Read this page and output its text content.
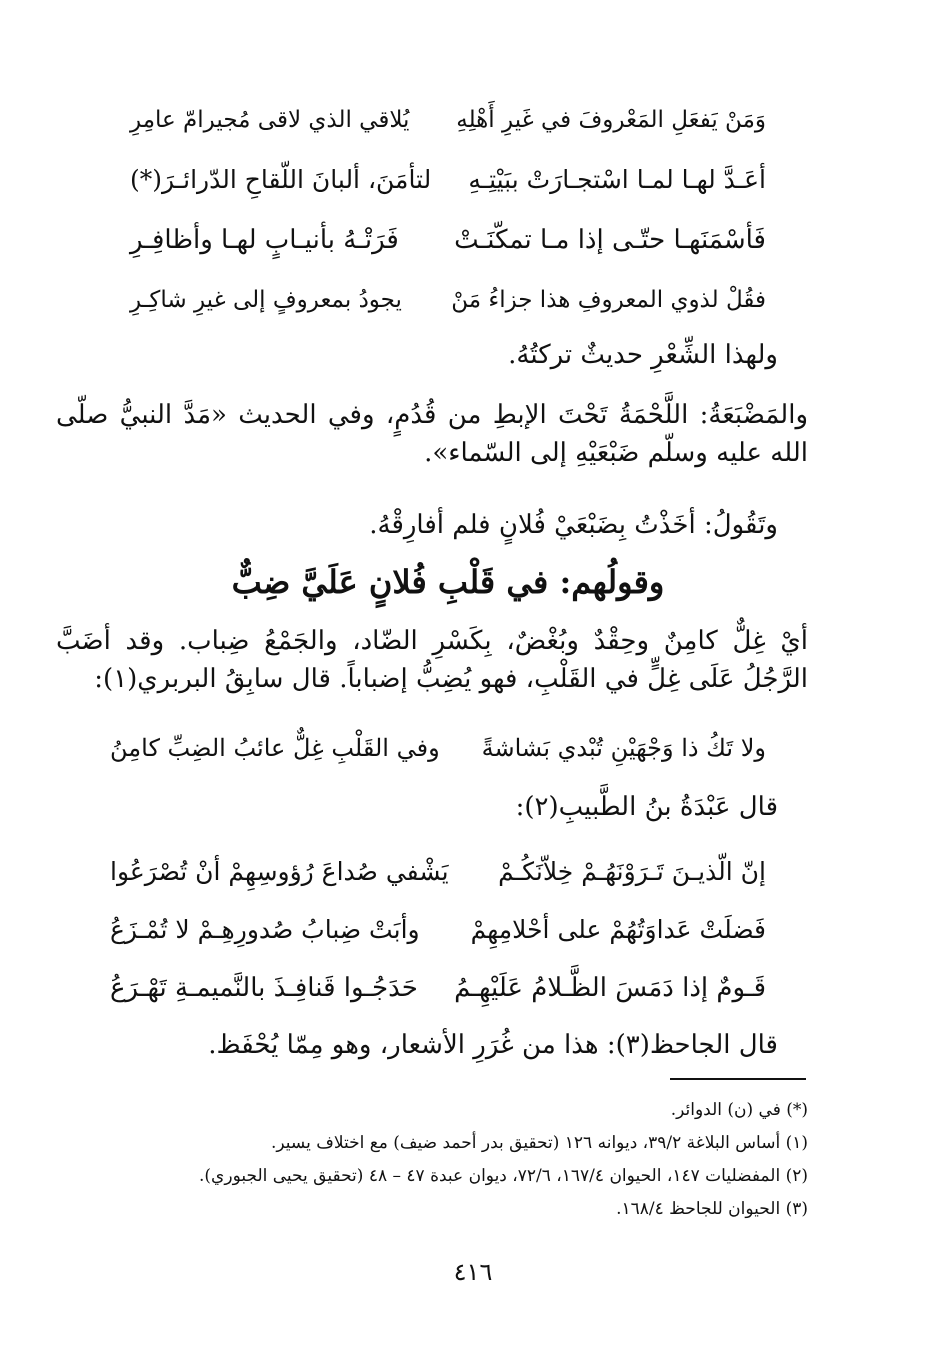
وَمَنْ يَفعَلِ المَعْروفَ في غَيرِ أَهْلِهِ
يُلاقي الذي لاقى مُجيرامّ عامِرِ
أعَـدَّ لهـا لمـا اسْتجـارَتْ ببَيْتِـهِ
لتأمَنَ، ألبانَ اللّقاحِ الدّرائـرَ(*)
فَأسْمَنَهـا حتّـى إذا مـا تمكّنَـتْ
فَرَتْـهُ بأنيـابٍ لهـا وأظافِـرِ
فقُلْ لذوي المعروفِ هذا جزاءُ مَنْ
يجودُ بمعروفٍ إلى غيرِ شاكِـرِ
ولهذا الشِّعْرِ حديثٌ تركتُهُ.
والمَضْبَعَةُ: اللَّحْمَةُ تَحْتَ الإبطِ من قُدُمٍ، وفي الحديث «مَدَّ النبيُّ صلّى الله عليه وسلّم ضَبْعَيْهِ إلى السّماء».
وتَقُولُ: أخَذْتُ بِضَبْعَيْ فُلانٍ فلم أفارِقْهُ.
وقولُهم: في قَلْبِ فُلانٍ عَلَيَّ ضِبٌّ
أيْ غِلٌّ كامِنٌ وحِقْدٌ وبُغْضٌ، بِكَسْرِ الضّاد، والجَمْعُ ضِباب. وقد أضَبَّ الرَّجُلُ عَلَى غِلٍّ في القَلْبِ، فهو يُضِبُّ إضباباً. قال سابِقُ البربري(١):
ولا تَكُ ذا وَجْهَيْنِ تُبْدي بَشاشةً
وفي القَلْبِ غِلٌّ عائبُ الضِبِّ كامِنُ
قال عَبْدَةُ بنُ الطَّبيبِ(٢):
إنّ الّذيـنَ تَـرَوْنَهُـمْ خِلاّنَكُـمْ
يَشْفي صُداعَ رُؤوسِهِمْ أنْ تُصْرَعُوا
فَضلَتْ عَداوَتُهُمْ على أحْلامِهِمْ
وأبَتْ ضِبابُ صُدورِهِـمْ لا تُمْـزَعُ
قَـومٌ إذا دَمَسَ الظَّـلامُ عَلَيْهِـمُ
حَدَجُـوا قَنافِـذَ بالنَّميمـةِ تَهْـرَعُ
قال الجاحظ(٣): هذا من غُرَرِ الأشعار، وهو مِمّا يُحْفَظ.
(*) في (ن) الدوائر.
(١) أساس البلاغة ٣٩/٢، ديوانه ١٢٦ (تحقيق بدر أحمد ضيف) مع اختلاف يسير.
(٢) المفضليات ١٤٧، الحيوان ١٦٧/٤، ٧٢/٦، ديوان عبدة ٤٧ – ٤٨ (تحقيق يحيى الجبوري).
(٣) الحيوان للجاحظ ١٦٨/٤.
٤١٦
